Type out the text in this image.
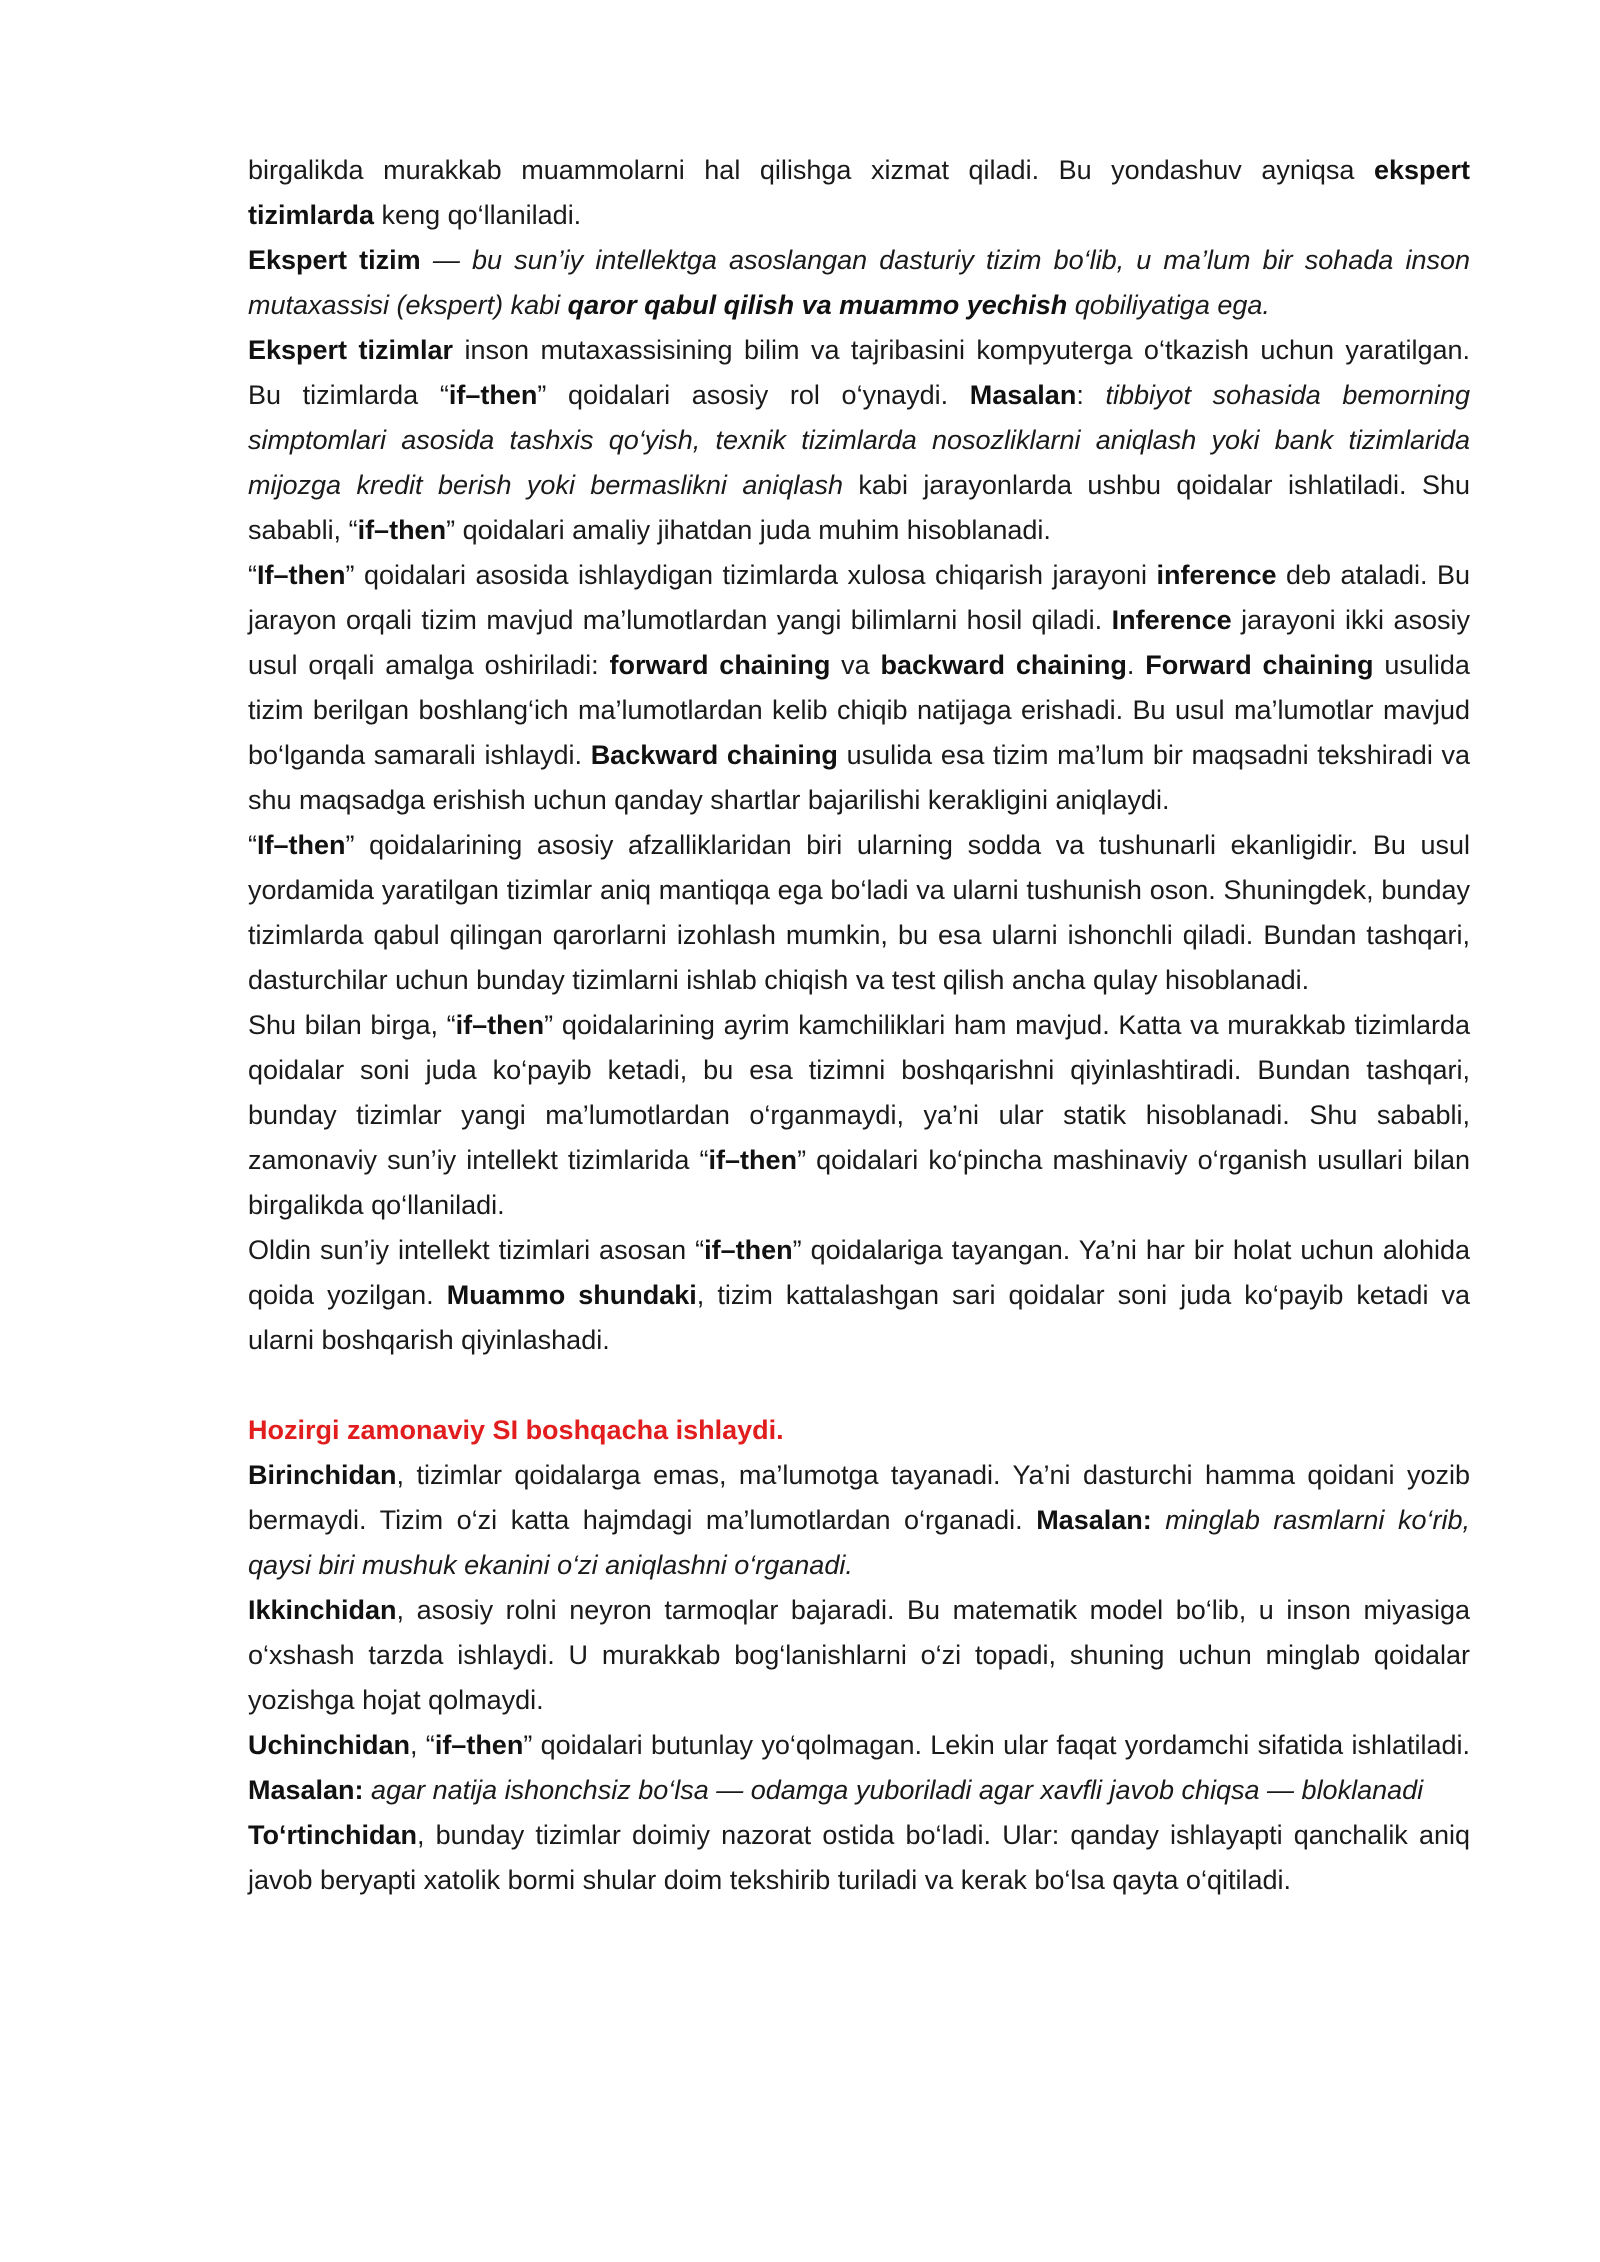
birgalikda murakkab muammolarni hal qilishga xizmat qiladi. Bu yondashuv ayniqsa ekspert tizimlarda keng qo‘llaniladi.

Ekspert tizim — bu sun’iy intellektga asoslangan dasturiy tizim bo‘lib, u ma’lum bir sohada inson mutaxassisi (ekspert) kabi qaror qabul qilish va muammo yechish qobiliyatiga ega.

Ekspert tizimlar inson mutaxassisining bilim va tajribasini kompyuterga o‘tkazish uchun yaratilgan. Bu tizimlarda “if–then” qoidalari asosiy rol o‘ynaydi. Masalan: tibbiyot sohasida bemorning simptomlari asosida tashxis qo‘yish, texnik tizimlarda nosozliklarni aniqlash yoki bank tizimlarida mijozga kredit berish yoki bermaslikni aniqlash kabi jarayonlarda ushbu qoidalar ishlatiladi. Shu sababli, “if–then” qoidalari amaliy jihatdan juda muhim hisoblanadi.

“If–then” qoidalari asosida ishlaydigan tizimlarda xulosa chiqarish jarayoni inference deb ataladi. Bu jarayon orqali tizim mavjud ma’lumotlardan yangi bilimlarni hosil qiladi. Inference jarayoni ikki asosiy usul orqali amalga oshiriladi: forward chaining va backward chaining. Forward chaining usulida tizim berilgan boshlang‘ich ma’lumotlardan kelib chiqib natijaga erishadi. Bu usul ma’lumotlar mavjud bo‘lganda samarali ishlaydi. Backward chaining usulida esa tizim ma’lum bir maqsadni tekshiradi va shu maqsadga erishish uchun qanday shartlar bajarilishi kerakligini aniqlaydi.

“If–then” qoidalarining asosiy afzalliklaridan biri ularning sodda va tushunarli ekanligidir. Bu usul yordamida yaratilgan tizimlar aniq mantiqqa ega bo‘ladi va ularni tushunish oson. Shuningdek, bunday tizimlarda qabul qilingan qarorlarni izohlash mumkin, bu esa ularni ishonchli qiladi. Bundan tashqari, dasturchilar uchun bunday tizimlarni ishlab chiqish va test qilish ancha qulay hisoblanadi.

Shu bilan birga, “if–then” qoidalarining ayrim kamchiliklari ham mavjud. Katta va murakkab tizimlarda qoidalar soni juda ko‘payib ketadi, bu esa tizimni boshqarishni qiyinlashtiradi. Bundan tashqari, bunday tizimlar yangi ma’lumotlardan o‘rganmaydi, ya’ni ular statik hisoblanadi. Shu sababli, zamonaviy sun’iy intellekt tizimlarida “if–then” qoidalari ko‘pincha mashinaviy o‘rganish usullari bilan birgalikda qo‘llaniladi.

Oldin sun’iy intellekt tizimlari asosan “if–then” qoidalariga tayangan. Ya’ni har bir holat uchun alohida qoida yozilgan. Muammo shundaki, tizim kattalashgan sari qoidalar soni juda ko‘payib ketadi va ularni boshqarish qiyinlashadi.

Hozirgi zamonaviy SI boshqacha ishlaydi.

Birinchidan, tizimlar qoidalarga emas, ma’lumotga tayanadi. Ya’ni dasturchi hamma qoidani yozib bermaydi. Tizim o‘zi katta hajmdagi ma’lumotlardan o‘rganadi. Masalan: minglab rasmlarni ko‘rib, qaysi biri mushuk ekanini o‘zi aniqlashni o‘rganadi.

Ikkinchidan, asosiy rolni neyron tarmoqlar bajaradi. Bu matematik model bo‘lib, u inson miyasiga o‘xshash tarzda ishlaydi. U murakkab bog‘lanishlarni o‘zi topadi, shuning uchun minglab qoidalar yozishga hojat qolmaydi.

Uchinchidan, “if–then” qoidalari butunlay yo‘qolmagan. Lekin ular faqat yordamchi sifatida ishlatiladi. Masalan: agar natija ishonchsiz bo‘lsa — odamga yuboriladi agar xavfli javob chiqsa — bloklanadi

To‘rtinchidan, bunday tizimlar doimiy nazorat ostida bo‘ladi. Ular: qanday ishlayapti qanchalik aniq javob beryapti xatolik bormi shular doim tekshirib turiladi va kerak bo‘lsa qayta o‘qitiladi.
